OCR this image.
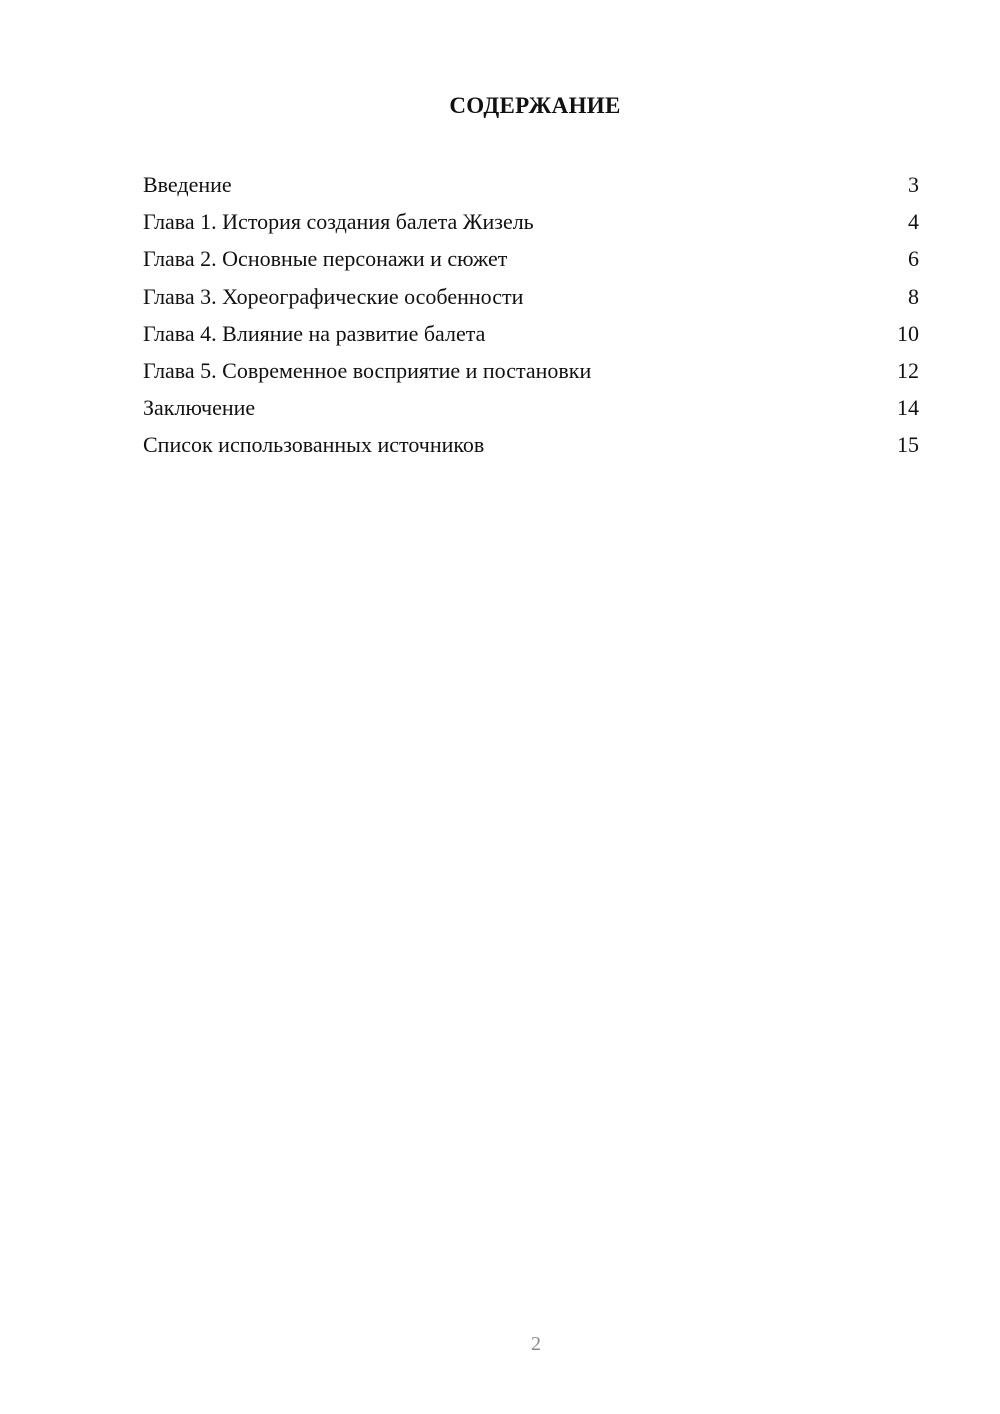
СОДЕРЖАНИЕ
Введение	3
Глава 1. История создания балета Жизель	4
Глава 2. Основные персонажи и сюжет	6
Глава 3. Хореографические особенности	8
Глава 4. Влияние на развитие балета	10
Глава 5. Современное восприятие и постановки	12
Заключение	14
Список использованных источников	15
2
